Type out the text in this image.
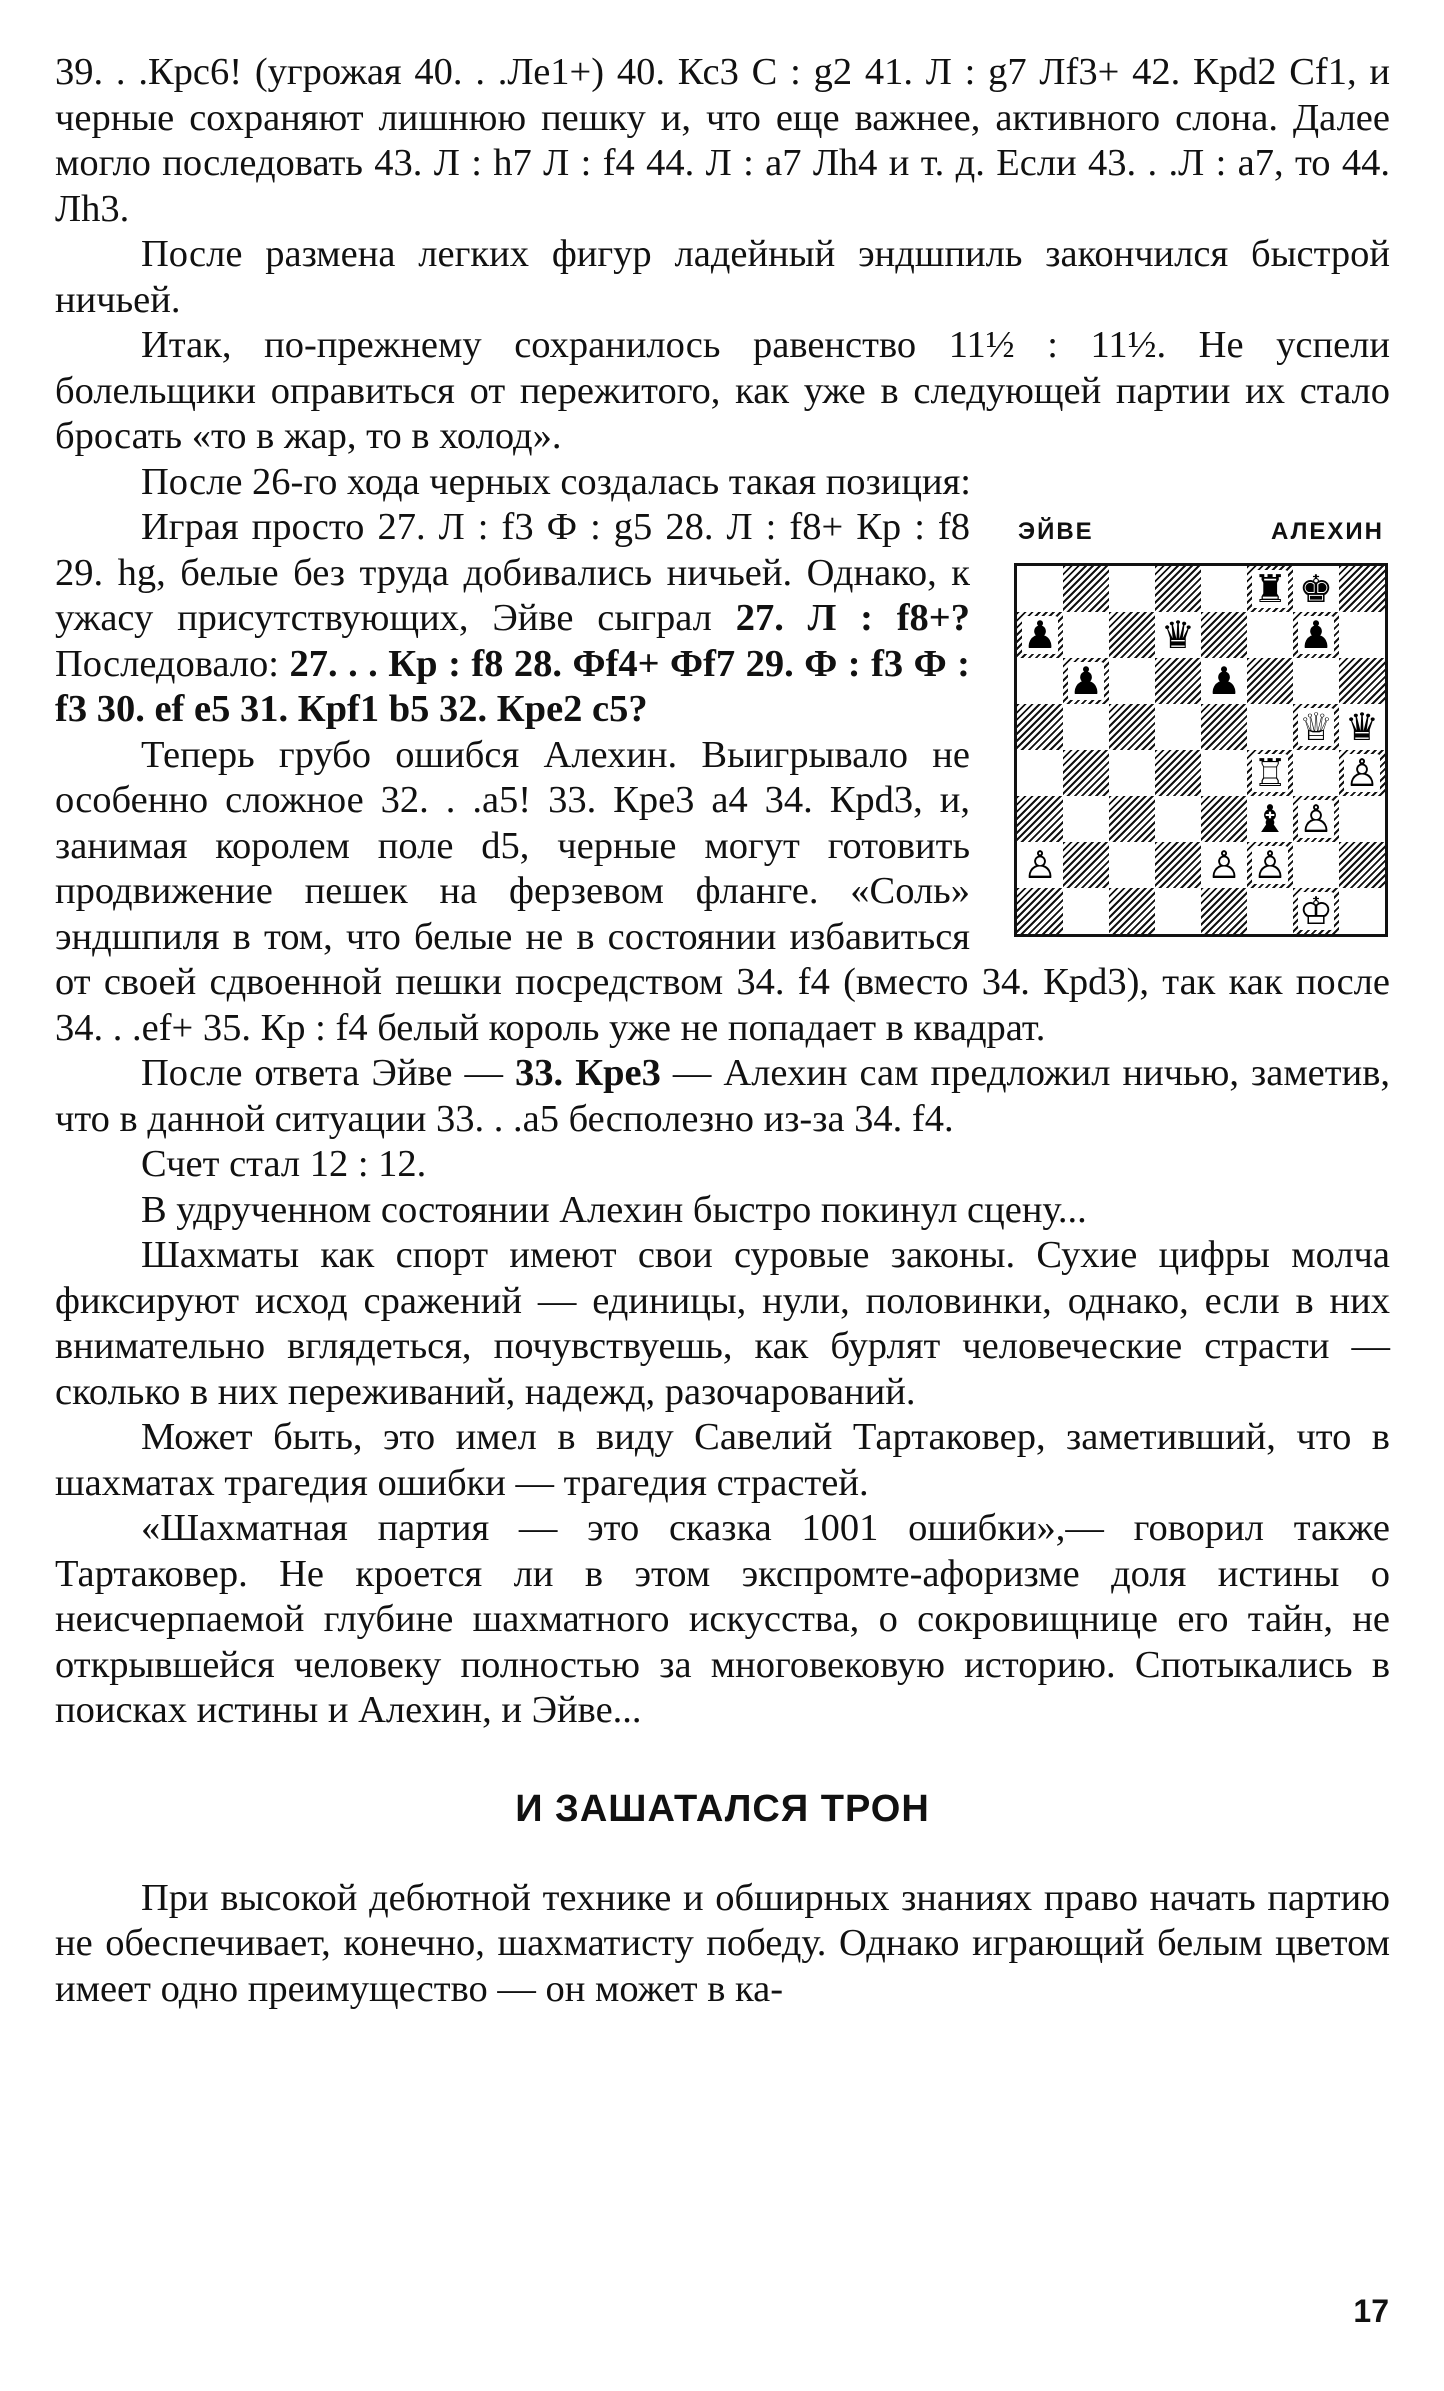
39. . .Крс6! (угрожая 40. . .Ле1+) 40. Кс3 С : g2 41. Л : g7 Лf3+ 42. Кpd2 Сf1, и черные сохраняют лишнюю пешку и, что еще важнее, активного слона. Далее могло последовать 43. Л : h7 Л : f4 44. Л : а7 Лh4 и т. д. Если 43. . .Л : а7, то 44. Лh3.

После размена легких фигур ладейный эндшпиль закончился быстрой ничьей.

Итак, по-прежнему сохранилось равенство 11½ : 11½. Не успели болельщики оправиться от пережитого, как уже в следующей партии их стало бросать «то в жар, то в холод».

После 26-го хода черных создалась такая позиция:

ЭЙВЕ	АЛЕХИН
♜ ♚
♟	♛	♟
♟	♟
♕ ♛
♖ ♙
♝ ♙
♙	♙ ♙
♔

Играя просто 27. Л : f3 Ф : g5 28. Л : f8+ Кр : f8 29. hg, белые без труда добивались ничьей. Однако, к ужасу присутствующих, Эйве сыграл 27. Л : f8+? Последовало: 27. . . Кр : f8 28. Фf4+ Фf7 29. Ф : f3 Ф : f3 30. ef e5 31. Кpf1 b5 32. Кре2 с5?

Теперь грубо ошибся Алехин. Выигрывало не особенно сложное 32. . .а5! 33. Кре3 а4 34. Кpd3, и, занимая королем поле d5, черные могут готовить продвижение пешек на ферзевом фланге. «Соль» эндшпиля в том, что белые не в состоянии избавиться от своей сдвоенной пешки посредством 34. f4 (вместо 34. Кpd3), так как после 34. . .ef+ 35. Кр : f4 белый король уже не попадает в квадрат.

После ответа Эйве — 33. Кре3 — Алехин сам предложил ничью, заметив, что в данной ситуации 33. . .а5 бесполезно из-за 34. f4.

Счет стал 12 : 12.

В удрученном состоянии Алехин быстро покинул сцену...

Шахматы как спорт имеют свои суровые законы. Сухие цифры молча фиксируют исход сражений — единицы, нули, половинки, однако, если в них внимательно вглядеться, почувствуешь, как бурлят человеческие страсти — сколько в них переживаний, надежд, разочарований.

Может быть, это имел в виду Савелий Тартаковер, заметивший, что в шахматах трагедия ошибки — трагедия страстей.

«Шахматная партия — это сказка 1001 ошибки»,— говорил также Тартаковер. Не кроется ли в этом экспромте-афоризме доля истины о неисчерпаемой глубине шахматного искусства, о сокровищнице его тайн, не открывшейся человеку полностью за многовековую историю. Спотыкались в поисках истины и Алехин, и Эйве...

И ЗАШАТАЛСЯ ТРОН

При высокой дебютной технике и обширных знаниях право начать партию не обеспечивает, конечно, шахматисту победу. Однако играющий белым цветом имеет одно преимущество — он может в ка-

17
